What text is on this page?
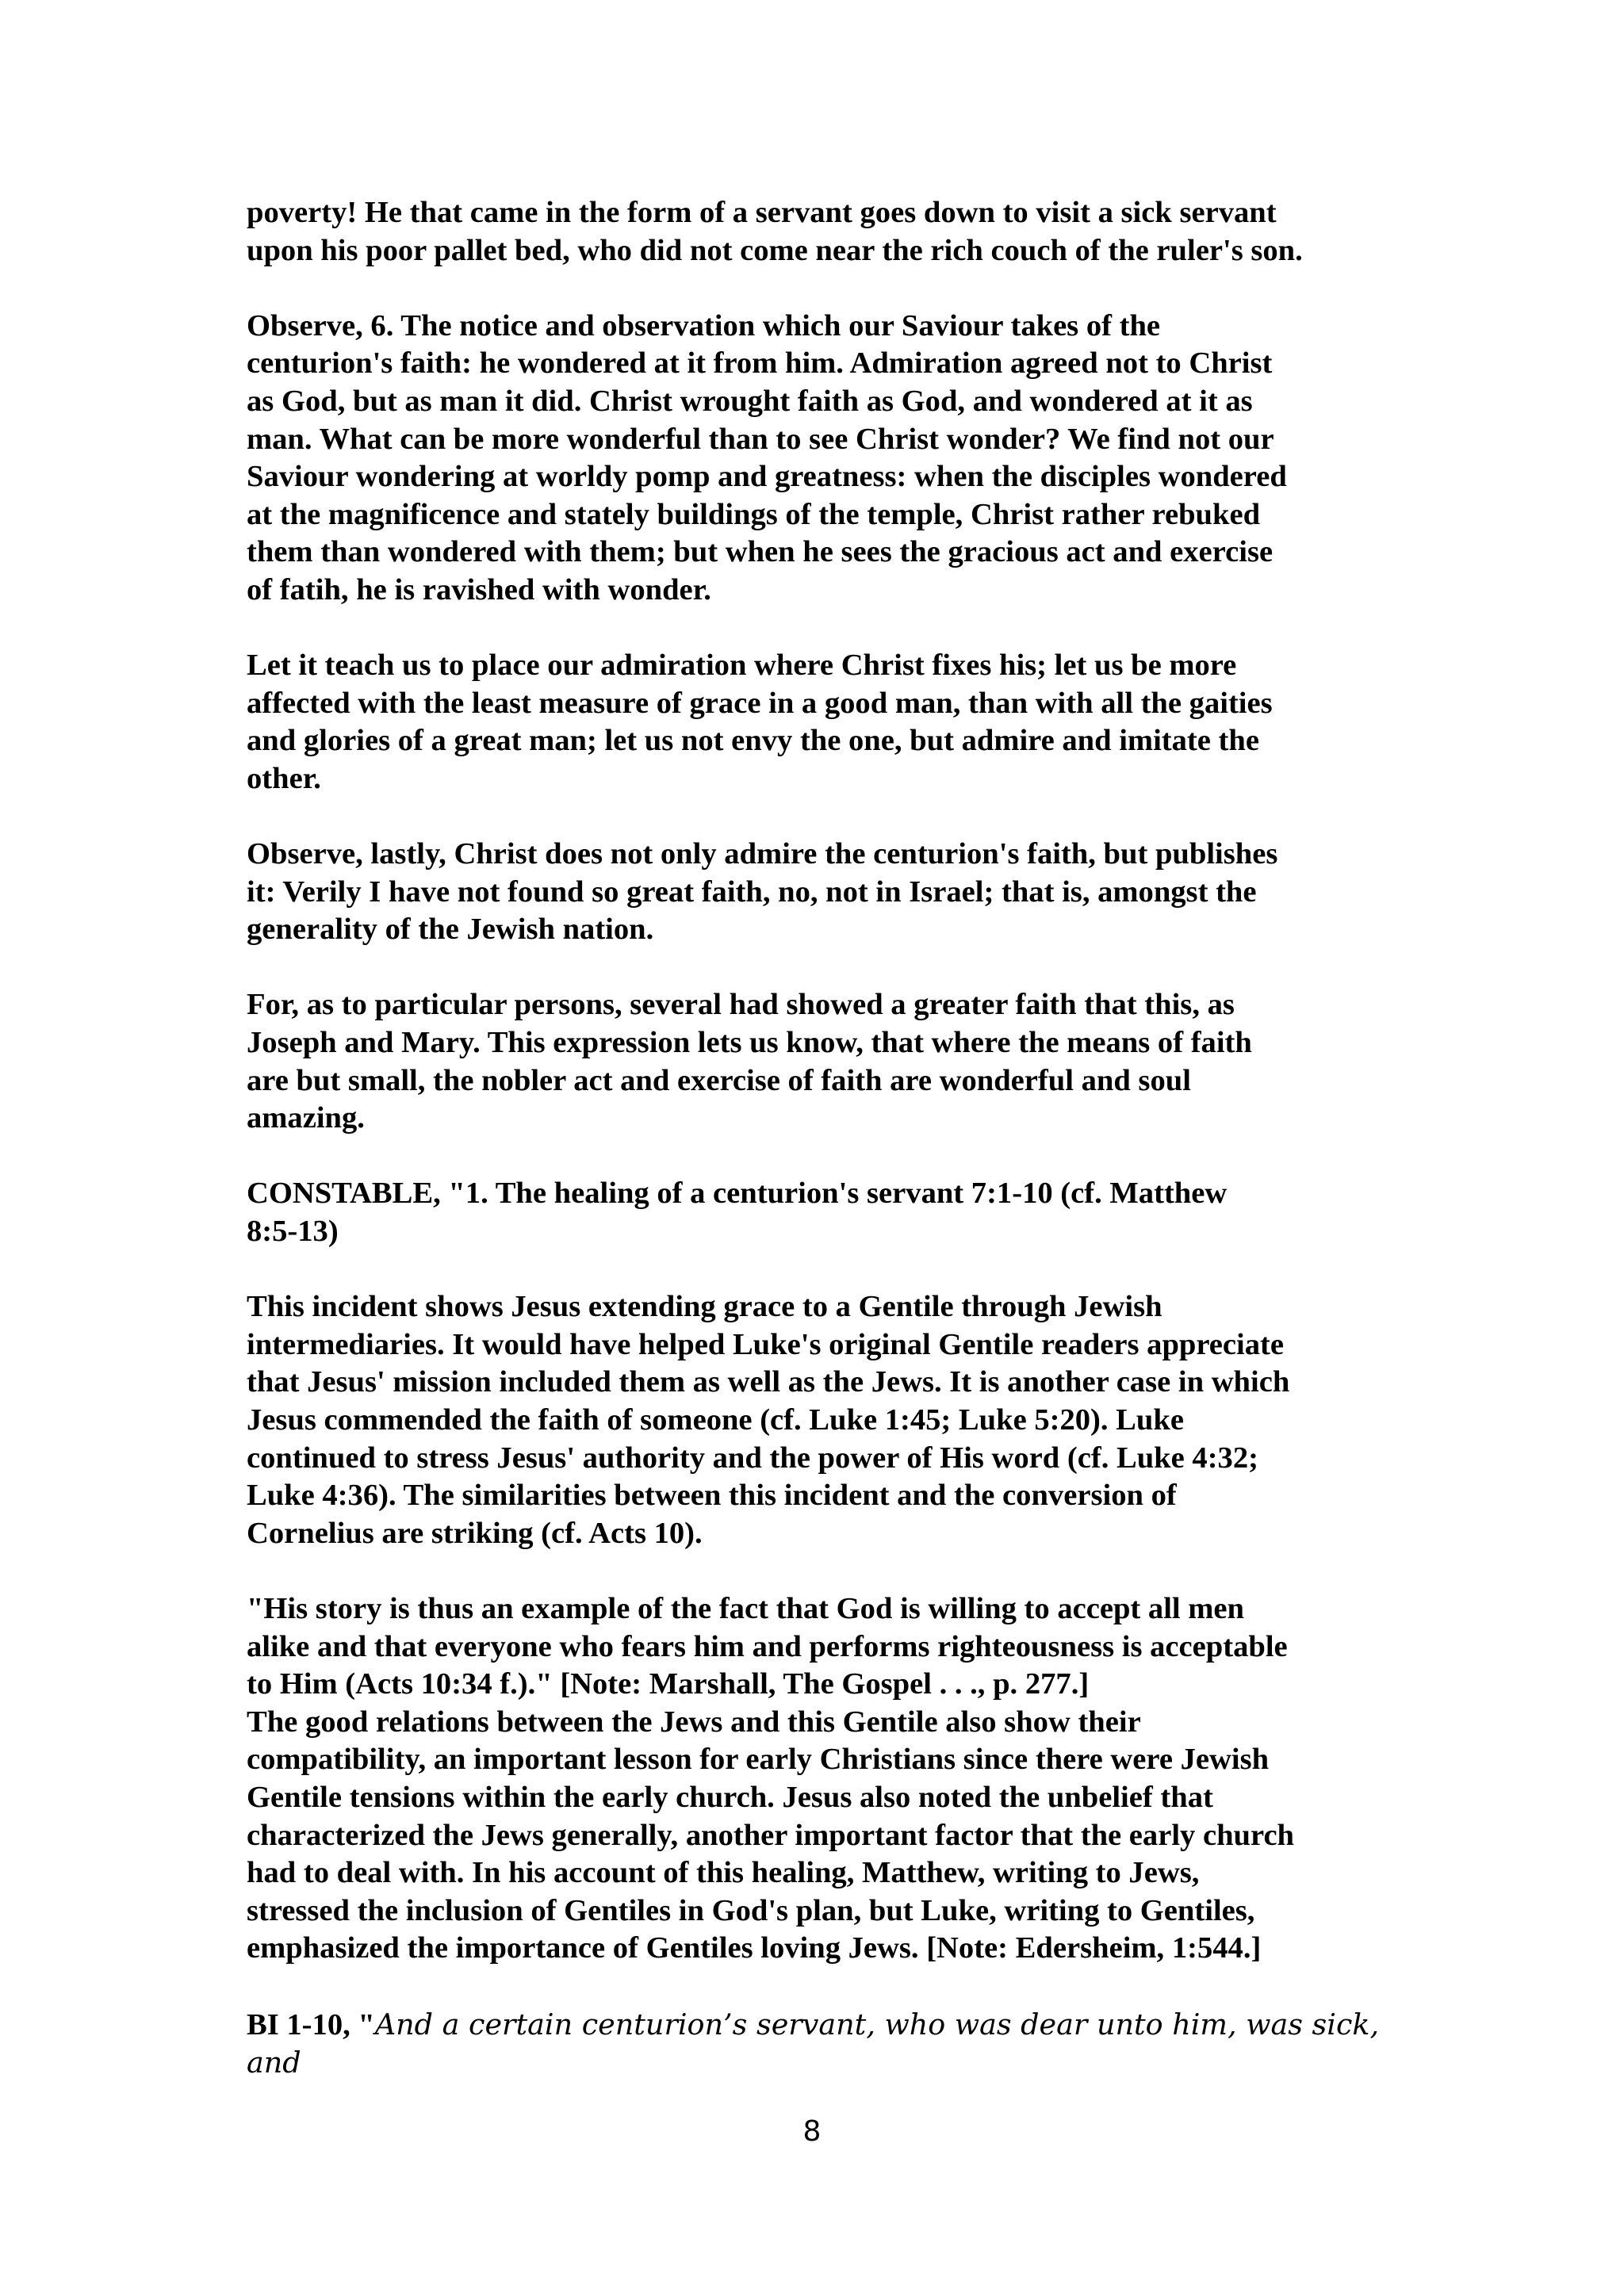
poverty! He that came in the form of a servant goes down to visit a sick servant
upon his poor pallet bed, who did not come near the rich couch of the ruler's son.

Observe, 6. The notice and observation which our Saviour takes of the
centurion's faith: he wondered at it from him. Admiration agreed not to Christ
as God, but as man it did. Christ wrought faith as God, and wondered at it as
man. What can be more wonderful than to see Christ wonder? We find not our
Saviour wondering at worldy pomp and greatness: when the disciples wondered
at the magnificence and stately buildings of the temple, Christ rather rebuked
them than wondered with them; but when he sees the gracious act and exercise
of fatih, he is ravished with wonder.

Let it teach us to place our admiration where Christ fixes his; let us be more
affected with the least measure of grace in a good man, than with all the gaities
and glories of a great man; let us not envy the one, but admire and imitate the
other.

Observe, lastly, Christ does not only admire the centurion's faith, but publishes
it: Verily I have not found so great faith, no, not in Israel; that is, amongst the
generality of the Jewish nation.

For, as to particular persons, several had showed a greater faith that this, as
Joseph and Mary. This expression lets us know, that where the means of faith
are but small, the nobler act and exercise of faith are wonderful and soul
amazing.

CONSTABLE, "1. The healing of a centurion's servant 7:1-10 (cf. Matthew
8:5-13)

This incident shows Jesus extending grace to a Gentile through Jewish
intermediaries. It would have helped Luke's original Gentile readers appreciate
that Jesus' mission included them as well as the Jews. It is another case in which
Jesus commended the faith of someone (cf. Luke 1:45; Luke 5:20). Luke
continued to stress Jesus' authority and the power of His word (cf. Luke 4:32;
Luke 4:36). The similarities between this incident and the conversion of
Cornelius are striking (cf. Acts 10).

"His story is thus an example of the fact that God is willing to accept all men
alike and that everyone who fears him and performs righteousness is acceptable
to Him (Acts 10:34 f.)." [Note: Marshall, The Gospel . . ., p. 277.]

The good relations between the Jews and this Gentile also show their
compatibility, an important lesson for early Christians since there were Jewish
Gentile tensions within the early church. Jesus also noted the unbelief that
characterized the Jews generally, another important factor that the early church
had to deal with. In his account of this healing, Matthew, writing to Jews,
stressed the inclusion of Gentiles in God's plan, but Luke, writing to Gentiles,
emphasized the importance of Gentiles loving Jews. [Note: Edersheim, 1:544.]

BI 1-10, "And a certain centurion’s servant, who was dear unto him, was sick, and

8
